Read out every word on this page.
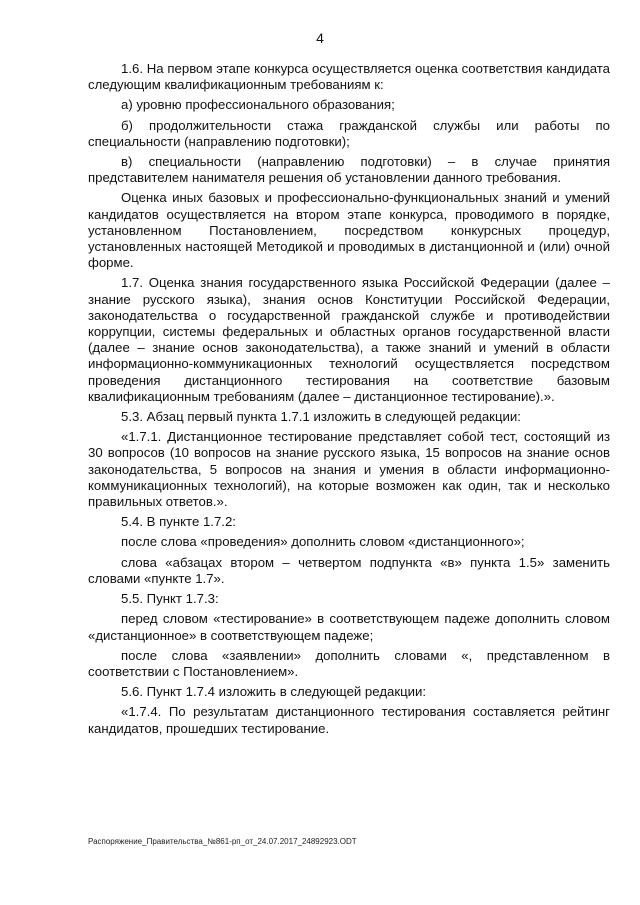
4

1.6. На первом этапе конкурса осуществляется оценка соответствия кандидата следующим квалификационным требованиям к:

а) уровню профессионального образования;

б) продолжительности стажа гражданской службы или работы по специальности (направлению подготовки);

в) специальности (направлению подготовки) – в случае принятия представителем нанимателя решения об установлении данного требования.

Оценка иных базовых и профессионально-функциональных знаний и умений кандидатов осуществляется на втором этапе конкурса, проводимого в порядке, установленном Постановлением, посредством конкурсных процедур, установленных настоящей Методикой и проводимых в дистанционной и (или) очной форме.

1.7. Оценка знания государственного языка Российской Федерации (далее – знание русского языка), знания основ Конституции Российской Федерации, законодательства о государственной гражданской службе и противодействии коррупции, системы федеральных и областных органов государственной власти (далее – знание основ законодательства), а также знаний и умений в области информационно-коммуникационных технологий осуществляется посредством проведения дистанционного тестирования на соответствие базовым квалификационным требованиям (далее – дистанционное тестирование).».

5.3. Абзац первый пункта 1.7.1 изложить в следующей редакции:

«1.7.1. Дистанционное тестирование представляет собой тест, состоящий из 30 вопросов (10 вопросов на знание русского языка, 15 вопросов на знание основ законодательства, 5 вопросов на знания и умения в области информационно-коммуникационных технологий), на которые возможен как один, так и несколько правильных ответов.».

5.4. В пункте 1.7.2:

после слова «проведения» дополнить словом «дистанционного»;

слова «абзацах втором – четвертом подпункта «в» пункта 1.5» заменить словами «пункте 1.7».

5.5. Пункт 1.7.3:

перед словом «тестирование» в соответствующем падеже дополнить словом «дистанционное» в соответствующем падеже;

после слова «заявлении» дополнить словами «, представленном в соответствии с Постановлением».

5.6. Пункт 1.7.4 изложить в следующей редакции:

«1.7.4. По результатам дистанционного тестирования составляется рейтинг кандидатов, прошедших тестирование.

Распоряжение_Правительства_№861-рп_от_24.07.2017_24892923.ODT
